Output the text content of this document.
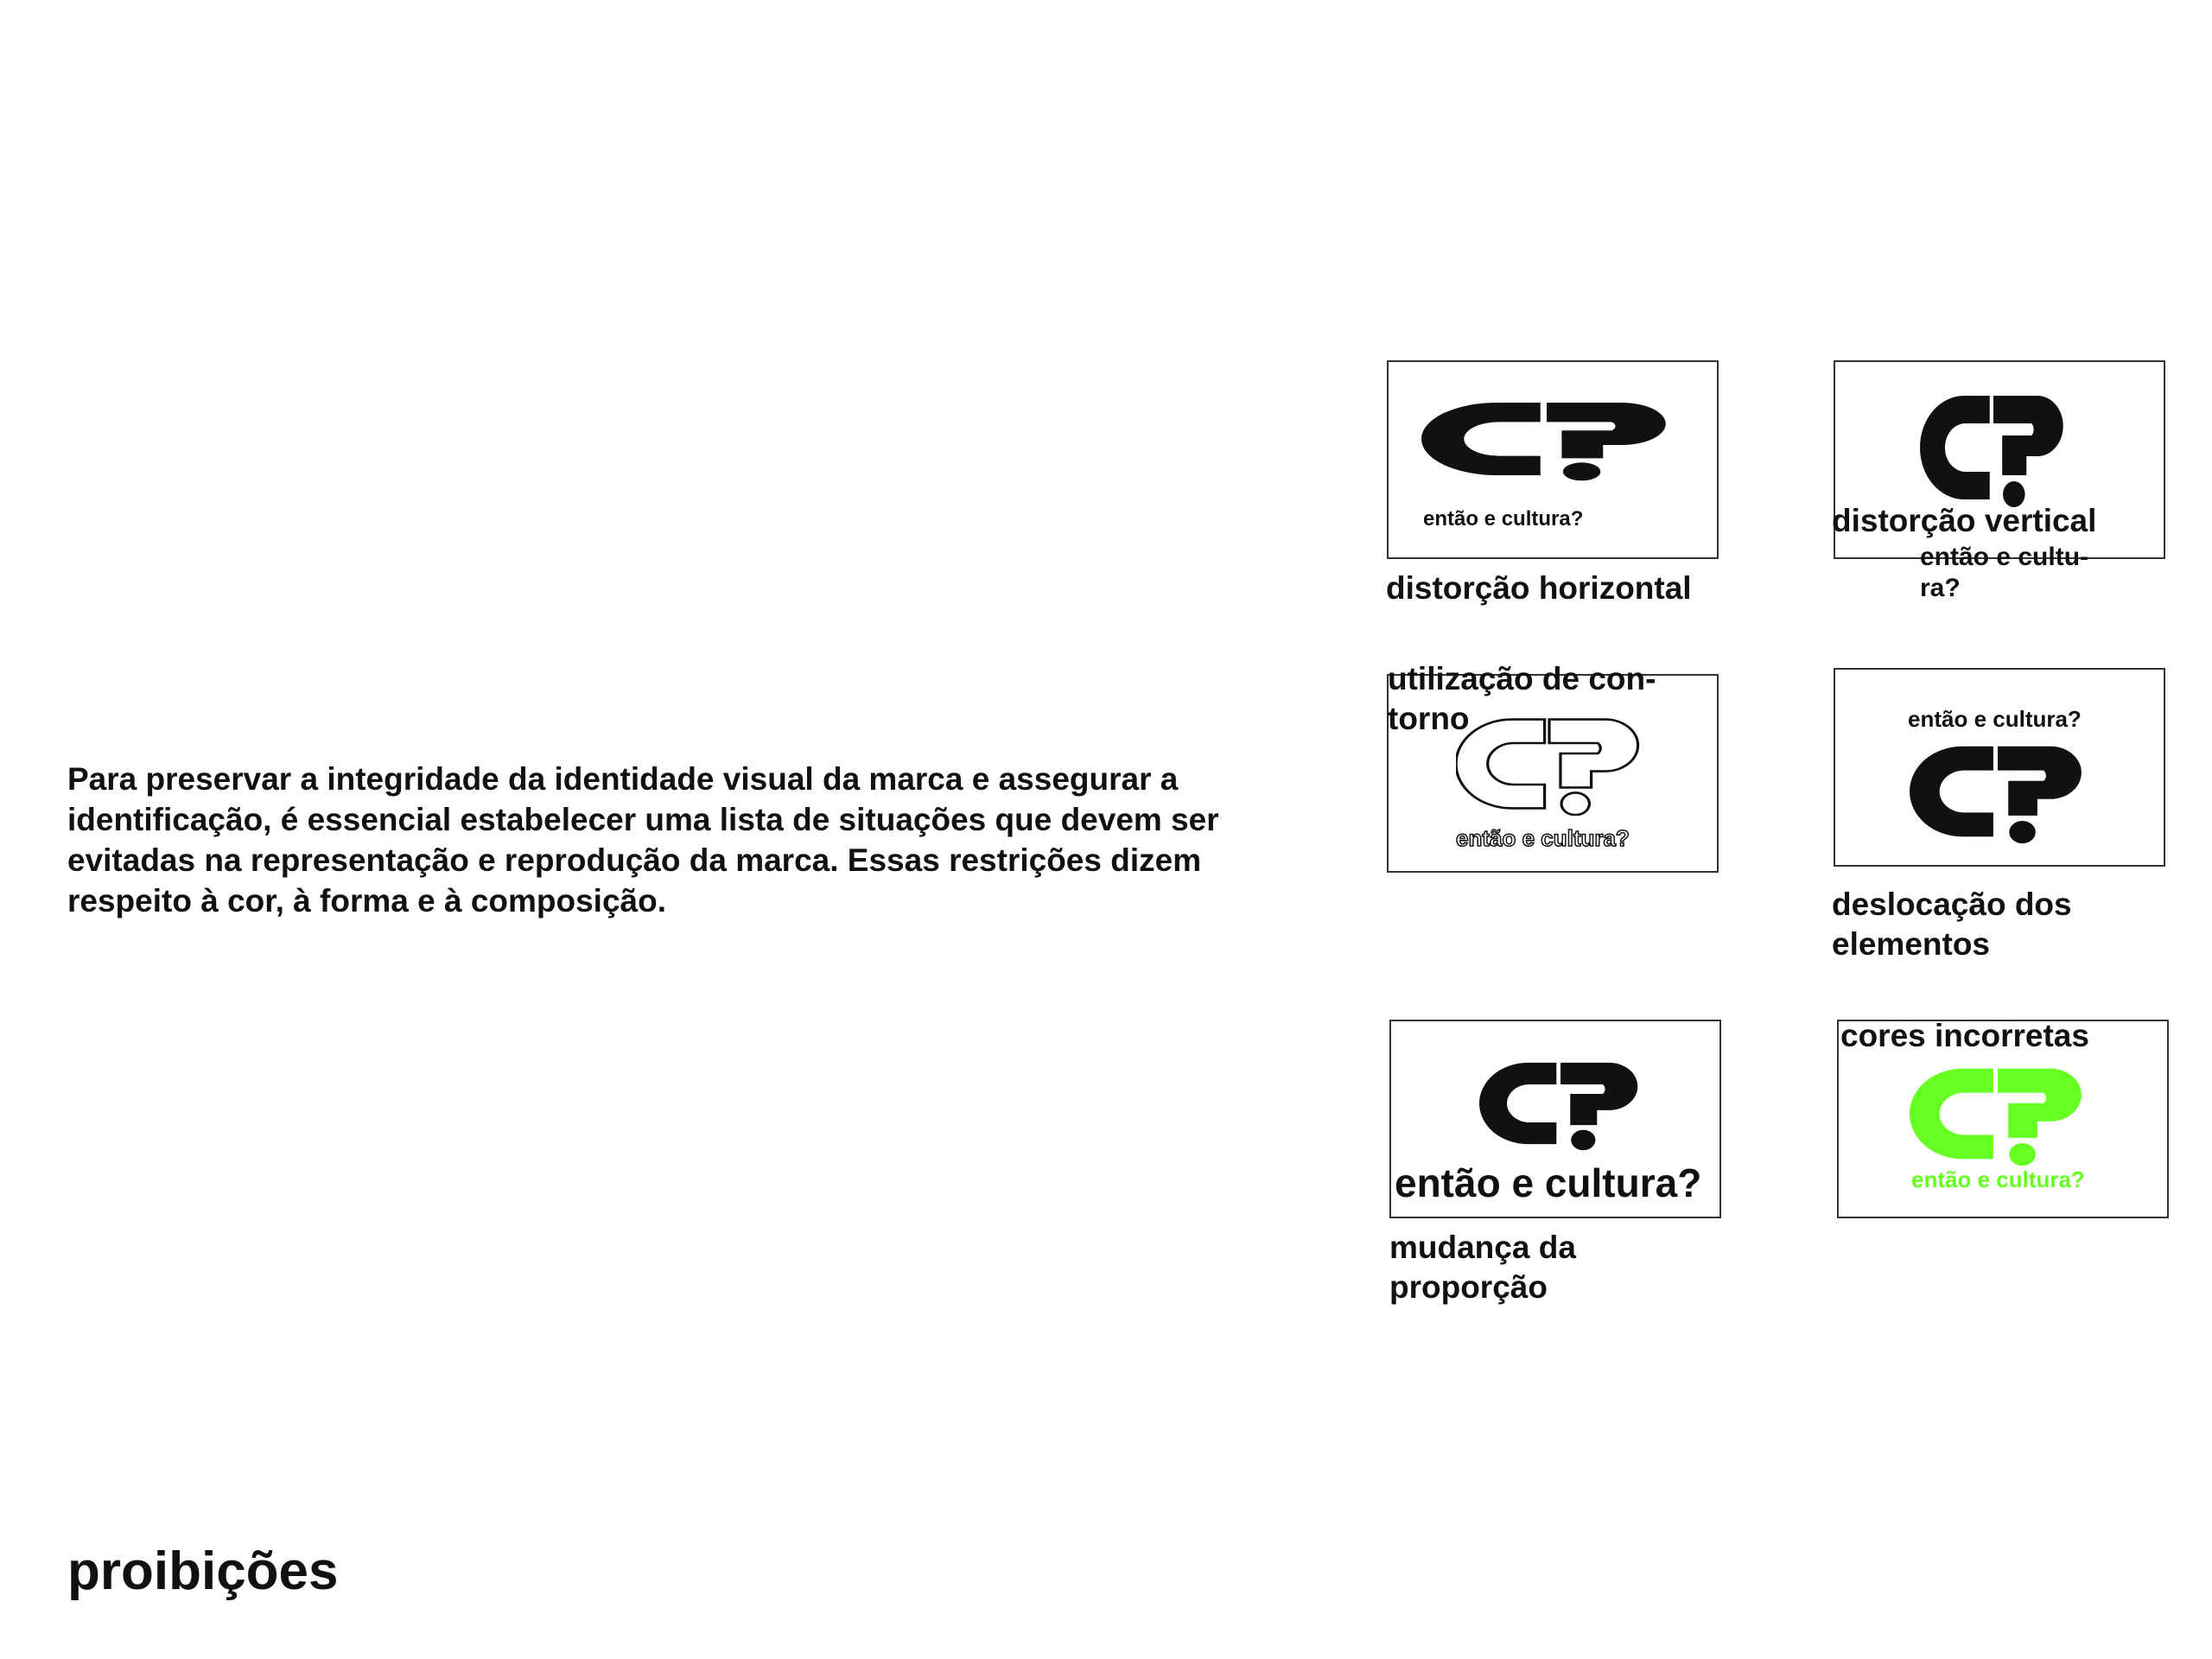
Para preservar a integridade da identidade visual da marca e assegurar a identificação, é essencial estabelecer uma lista de situações que devem ser evitadas na representação e reprodução da marca. Essas restrições dizem respeito à cor, à forma e à composição.

proibições
então e cultura?
distorção horizontal
distorção vertical
então e cultu-
ra?
então e cultura?
utilização de con-
torno	então e cultura?
deslocação dos
elementos
então e cultura?
mudança da
proporção
então e cultura?
cores incorretas
